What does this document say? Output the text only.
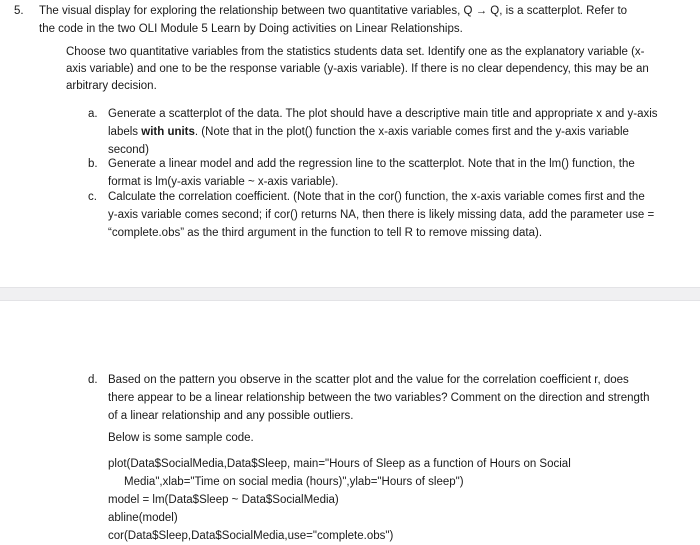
5. The visual display for exploring the relationship between two quantitative variables, Q → Q, is a scatterplot. Refer to
the code in the two OLI Module 5 Learn by Doing activities on Linear Relationships.
Choose two quantitative variables from the statistics students data set. Identify one as the explanatory variable (x-
axis variable) and one to be the response variable (y-axis variable). If there is no clear dependency, this may be an
arbitrary decision.
a. Generate a scatterplot of the data. The plot should have a descriptive main title and appropriate x and y-axis
labels with units. (Note that in the plot() function the x-axis variable comes first and the y-axis variable
second)
b. Generate a linear model and add the regression line to the scatterplot. Note that in the lm() function, the
format is lm(y-axis variable ~ x-axis variable).
c. Calculate the correlation coefficient. (Note that in the cor() function, the x-axis variable comes first and the
y-axis variable comes second; if cor() returns NA, then there is likely missing data, add the parameter use =
“complete.obs” as the third argument in the function to tell R to remove missing data).
d. Based on the pattern you observe in the scatter plot and the value for the correlation coefficient r, does
there appear to be a linear relationship between the two variables? Comment on the direction and strength
of a linear relationship and any possible outliers.
Below is some sample code.
plot(Data$SocialMedia,Data$Sleep, main="Hours of Sleep as a function of Hours on Social
Media",xlab="Time on social media (hours)",ylab="Hours of sleep")
model = lm(Data$Sleep ~ Data$SocialMedia)
abline(model)
cor(Data$Sleep,Data$SocialMedia,use="complete.obs")
